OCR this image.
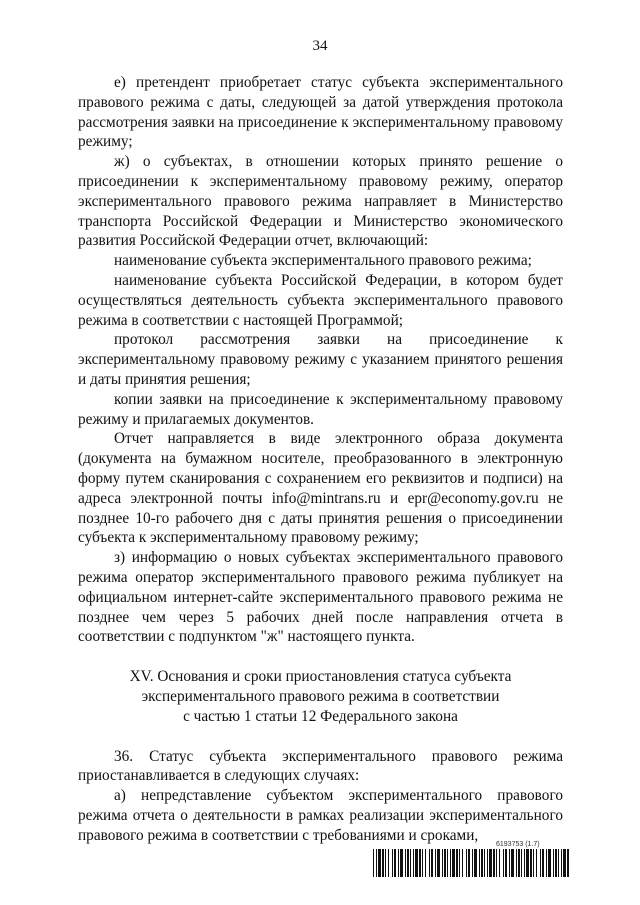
34

е) претендент приобретает статус субъекта экспериментального правового режима с даты, следующей за датой утверждения протокола рассмотрения заявки на присоединение к экспериментальному правовому режиму;

ж) о субъектах, в отношении которых принято решение о присоединении к экспериментальному правовому режиму, оператор экспериментального правового режима направляет в Министерство транспорта Российской Федерации и Министерство экономического развития Российской Федерации отчет, включающий:

наименование субъекта экспериментального правового режима;

наименование субъекта Российской Федерации, в котором будет осуществляться деятельность субъекта экспериментального правового режима в соответствии с настоящей Программой;

протокол рассмотрения заявки на присоединение к экспериментальному правовому режиму с указанием принятого решения и даты принятия решения;

копии заявки на присоединение к экспериментальному правовому режиму и прилагаемых документов.

Отчет направляется в виде электронного образа документа (документа на бумажном носителе, преобразованного в электронную форму путем сканирования с сохранением его реквизитов и подписи) на адреса электронной почты info@mintrans.ru и epr@economy.gov.ru не позднее 10-го рабочего дня с даты принятия решения о присоединении субъекта к экспериментальному правовому режиму;

з) информацию о новых субъектах экспериментального правового режима оператор экспериментального правового режима публикует на официальном интернет-сайте экспериментального правового режима не позднее чем через 5 рабочих дней после направления отчета в соответствии с подпунктом "ж" настоящего пункта.

XV. Основания и сроки приостановления статуса субъекта
экспериментального правового режима в соответствии
с частью 1 статьи 12 Федерального закона

36. Статус субъекта экспериментального правового режима приостанавливается в следующих случаях:

а) непредставление субъектом экспериментального правового режима отчета о деятельности в рамках реализации экспериментального правового режима в соответствии с требованиями и сроками,

6193753 (1.7)
